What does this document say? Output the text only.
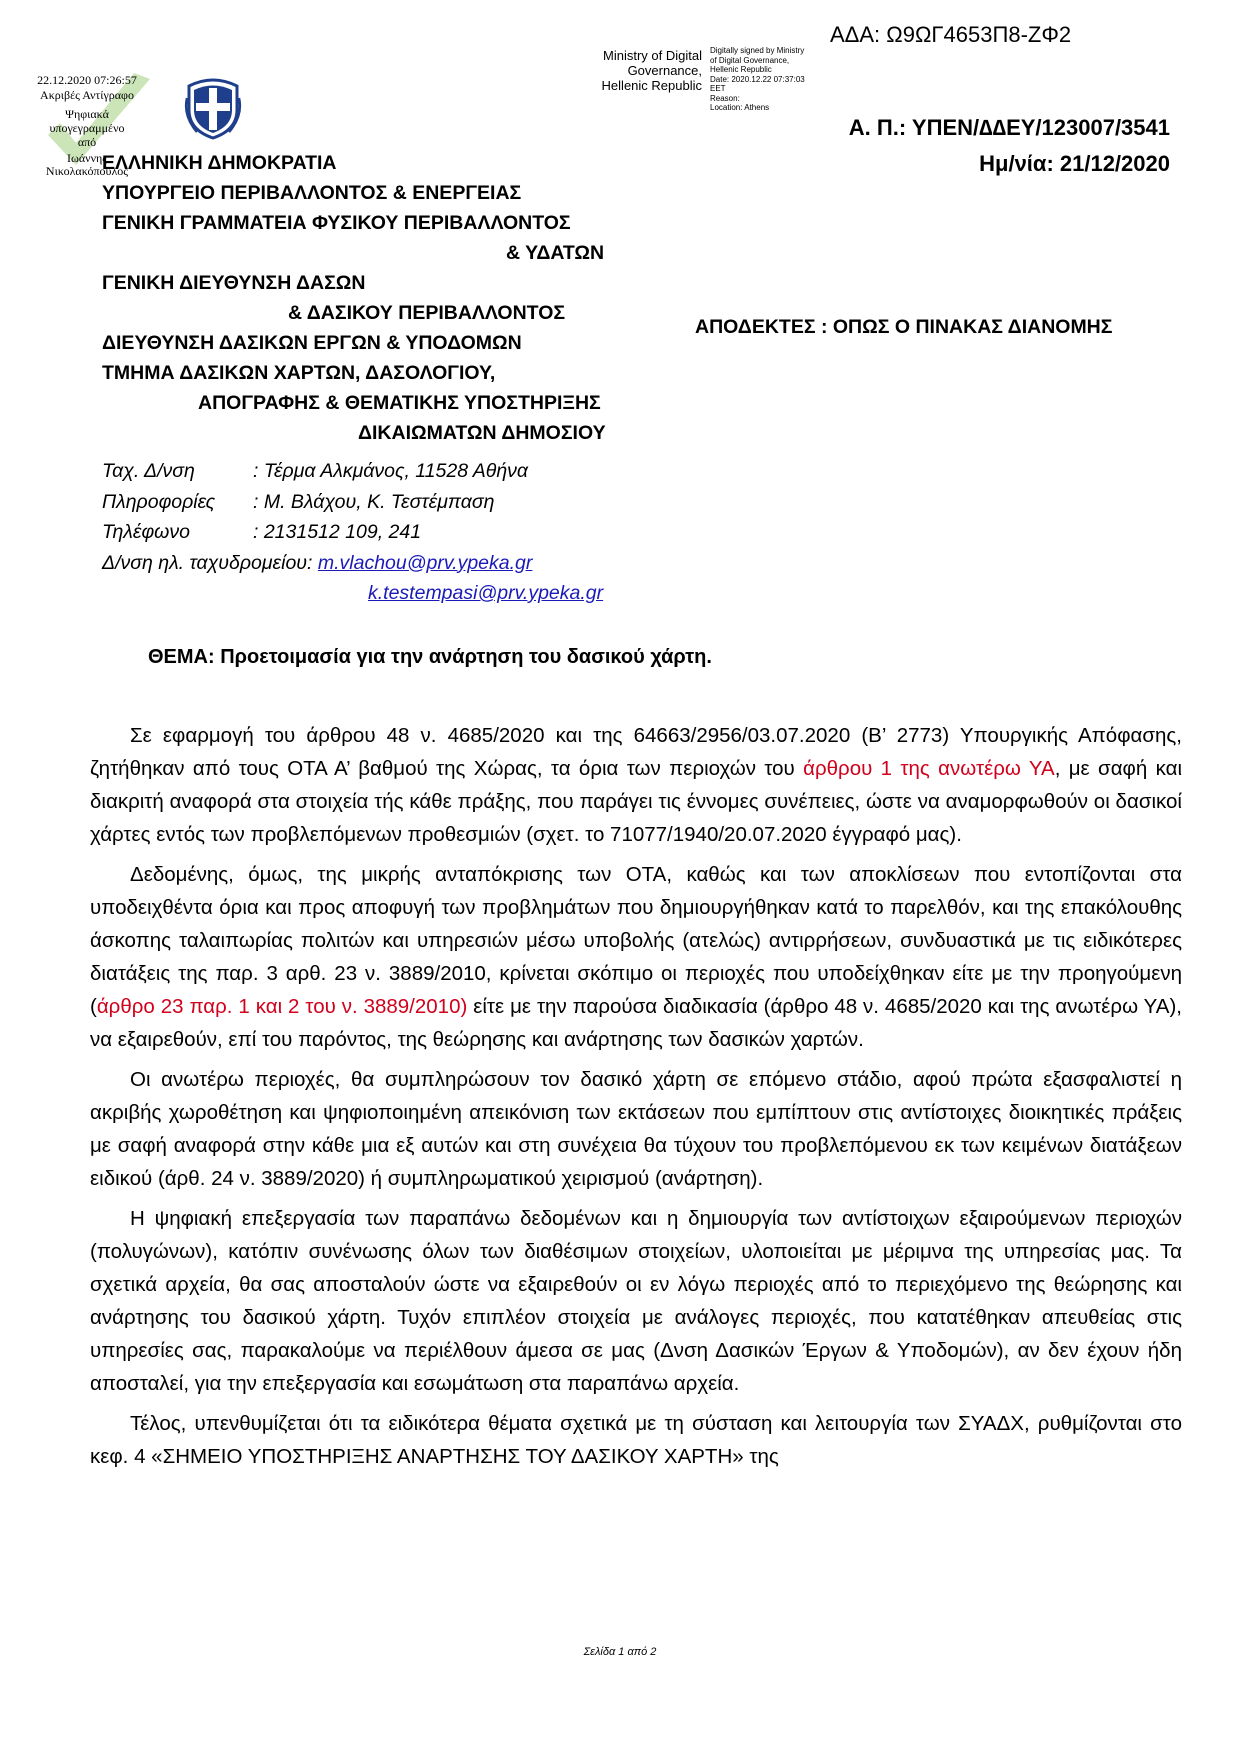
22.12.2020 07:26:57
Ακριβές Αντίγραφο
Ψηφιακά
υπογεγραμμένο
από
Ιωάννης
Νικολακόπουλος
Ministry of Digital
Governance,
Hellenic Republic
Digitally signed by Ministry
of Digital Governance,
Hellenic Republic
Date: 2020.12.22 07:37:03
EET
Reason:
Location: Athens
ΑΔΑ: Ω9ΩΓ4653Π8-ΖΦ2
Α. Π.: ΥΠΕΝ/∆∆ΕΥ/123007/3541
Ημ/νία: 21/12/2020
ΕΛΛΗΝΙΚΗ ΔΗΜΟΚΡΑΤΙΑ
ΥΠΟΥΡΓΕΙΟ ΠΕΡΙΒΑΛΛΟΝΤΟΣ & ΕΝΕΡΓΕΙΑΣ
ΓΕΝΙΚΗ ΓΡΑΜΜΑΤΕΙΑ ΦΥΣΙΚΟΥ ΠΕΡΙΒΑΛΛΟΝΤΟΣ
& ΥΔΑΤΩΝ
ΓΕΝΙΚΗ ΔΙΕΥΘΥΝΣΗ ΔΑΣΩΝ
& ΔΑΣΙΚΟΥ ΠΕΡΙΒΑΛΛΟΝΤΟΣ
ΔΙΕΥΘΥΝΣΗ ΔΑΣΙΚΩΝ ΕΡΓΩΝ & ΥΠΟΔΟΜΩΝ
ΤΜΗΜΑ ΔΑΣΙΚΩΝ ΧΑΡΤΩΝ, ΔΑΣΟΛΟΓΙΟΥ,
ΑΠΟΓΡΑΦΗΣ & ΘΕΜΑΤΙΚΗΣ ΥΠΟΣΤΗΡΙΞΗΣ
ΔΙΚΑΙΩΜΑΤΩΝ ΔΗΜΟΣΙΟΥ
ΑΠΟΔΕΚΤΕΣ : ΟΠΩΣ Ο ΠΙΝΑΚΑΣ ΔΙΑΝΟΜΗΣ
Ταχ. Δ/νση	: Τέρμα Αλκμάνος, 11528 Αθήνα
Πληροφορίες : Μ. Βλάχου, Κ. Τεστέμπαση
Τηλέφωνο	: 2131512 109, 241
Δ/νση ηλ. ταχυδρομείου: m.vlachou@prv.ypeka.gr
k.testempasi@prv.ypeka.gr
ΘΕΜΑ: Προετοιμασία για την ανάρτηση του δασικού χάρτη.

Σε εφαρμογή του άρθρου 48 ν. 4685/2020 και της 64663/2956/03.07.2020 (Β’ 2773) Υπουργικής Απόφασης, ζητήθηκαν από τους ΟΤΑ Α’ βαθμού της Χώρας, τα όρια των περιοχών του άρθρου 1 της ανωτέρω ΥΑ, με σαφή και διακριτή αναφορά στα στοιχεία τής κάθε πράξης, που παράγει τις έννομες συνέπειες, ώστε να αναμορφωθούν οι δασικοί χάρτες εντός των προβλεπόμενων προθεσμιών (σχετ. το 71077/1940/20.07.2020 έγγραφό μας).

Δεδομένης, όμως, της μικρής ανταπόκρισης των ΟΤΑ, καθώς και των αποκλίσεων που εντοπίζονται στα υποδειχθέντα όρια και προς αποφυγή των προβλημάτων που δημιουργήθηκαν κατά το παρελθόν, και της επακόλουθης άσκοπης ταλαιπωρίας πολιτών και υπηρεσιών μέσω υποβολής (ατελώς) αντιρρήσεων, συνδυαστικά με τις ειδικότερες διατάξεις της παρ. 3 αρθ. 23 ν. 3889/2010, κρίνεται σκόπιμο οι περιοχές που υποδείχθηκαν είτε με την προηγούμενη (άρθρο 23 παρ. 1 και 2 του ν. 3889/2010) είτε με την παρούσα διαδικασία (άρθρο 48 ν. 4685/2020 και της ανωτέρω ΥΑ), να εξαιρεθούν, επί του παρόντος, της θεώρησης και ανάρτησης των δασικών χαρτών.

Οι ανωτέρω περιοχές, θα συμπληρώσουν τον δασικό χάρτη σε επόμενο στάδιο, αφού πρώτα εξασφαλιστεί η ακριβής χωροθέτηση και ψηφιοποιημένη απεικόνιση των εκτάσεων που εμπίπτουν στις αντίστοιχες διοικητικές πράξεις με σαφή αναφορά στην κάθε μια εξ αυτών και στη συνέχεια θα τύχουν του προβλεπόμενου εκ των κειμένων διατάξεων ειδικού (άρθ. 24 ν. 3889/2020) ή συμπληρωματικού χειρισμού (ανάρτηση).

Η ψηφιακή επεξεργασία των παραπάνω δεδομένων και η δημιουργία των αντίστοιχων εξαιρούμενων περιοχών (πολυγώνων), κατόπιν συνένωσης όλων των διαθέσιμων στοιχείων, υλοποιείται με μέριμνα της υπηρεσίας μας. Τα σχετικά αρχεία, θα σας αποσταλούν ώστε να εξαιρεθούν οι εν λόγω περιοχές από το περιεχόμενο της θεώρησης και ανάρτησης του δασικού χάρτη. Τυχόν επιπλέον στοιχεία με ανάλογες περιοχές, που κατατέθηκαν απευθείας στις υπηρεσίες σας, παρακαλούμε να περιέλθουν άμεσα σε μας (Δνση Δασικών Έργων & Υποδομών), αν δεν έχουν ήδη αποσταλεί, για την επεξεργασία και εσωμάτωση στα παραπάνω αρχεία.

Τέλος, υπενθυμίζεται ότι τα ειδικότερα θέματα σχετικά με τη σύσταση και λειτουργία των ΣΥΑΔΧ, ρυθμίζονται στο κεφ. 4 «ΣΗΜΕΙΟ ΥΠΟΣΤΗΡΙΞΗΣ ΑΝΑΡΤΗΣΗΣ ΤΟΥ ΔΑΣΙΚΟΥ ΧΑΡΤΗ» της

Σελίδα 1 από 2
